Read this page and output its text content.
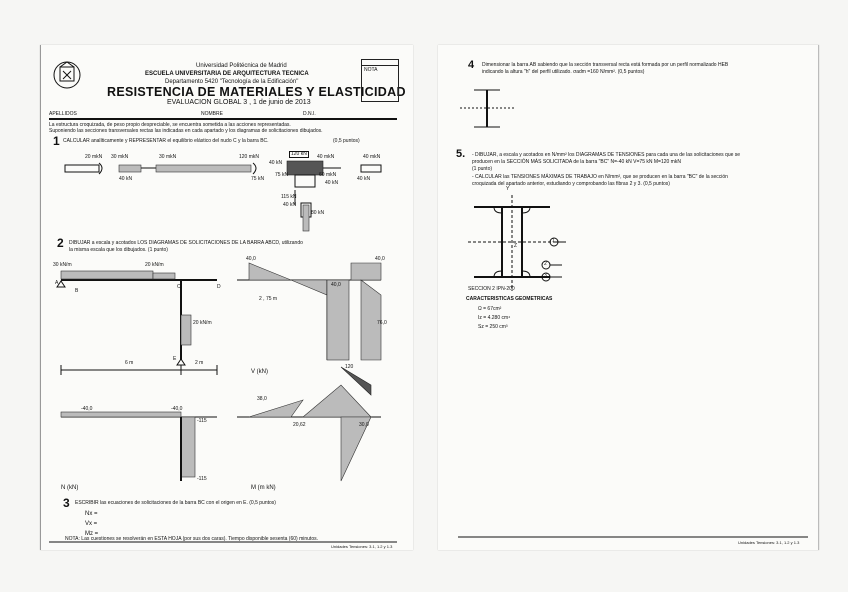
Universidad Politécnica de Madrid
ESCUELA UNIVERSITARIA DE ARQUITECTURA TECNICA
Departamento 5420 "Tecnología de la Edificación"
RESISTENCIA DE MATERIALES Y ELASTICIDAD
EVALUACION GLOBAL 3 , 1 de junio de 2013
NOTA
APELLIDOS	NOMBRE	D.N.I.
La estructura croquizada, de peso propio despreciable, se encuentra sometida a las acciones representadas.
Suponiendo las secciones transversales rectas las indicadas en cada apartado y los diagramas de solicitaciones dibujados.
1 CALCULAR analíticamente y REPRESENTAR el equilibrio elástico del nudo C y la barra BC.	(0,5 puntos)
20 mkN 30 mkN	30 mkN	120 mkN	120 kN	40 mkN	40 mkN
40 kN	75 kN
75 kN	60 mkN
40 kN
40 kN
40 kN
115 kN
40 kN
80 kN
2 DIBUJAR a escala y acotados LOS DIAGRAMAS DE SOLICITACIONES DE LA BARRA ABCD, utilizando
la misma escala que los dibujados. (1 punto)
30 kN/m	20 kN/m
20 kN/m
A
B
C	D
E
6 m	2 m
40,0	40,0
40,0
76,0
2 , 75 m
V (kN)
120
-40,0	-40,0
-115
-115
N (kN)
38,0
20,62	30,0
M (m kN)
3 ESCRIBIR las ecuaciones de solicitaciones de la barra BC con el origen en E. (0,5 puntos)
Nx =
Vx =
Mz =
NOTA: Las cuestiones se resolverán en ESTA HOJA (por sus dos caras). Tiempo disponible sesenta (60) minutos.
Unidades Tensiones: 3.1, 1.2 y 1.3
4 Dimensionar la barra AB sabiendo que la sección transversal recta está formada por un perfil normalizado HEB
indicando la altura "h" del perfil utilizado. σadm =160 N/mm². (0,5 puntos)
5. - DIBUJAR, a escala y acotados en N/mm² los DIAGRAMAS DE TENSIONES para cada una de las solicitaciones que se
producen en la SECCIÓN MÁS SOLICITADA de la barra "BC" N=-40 kN V=75 kN M=120 mkN
(1 punto)
- CALCULAR las TENSIONES MÁXIMAS DE TRABAJO en N/mm², que se producen en la barra "BC" de la sección
croquizada del apartado anterior, estudiando y comprobando las fibras 2 y 3. (0,5 puntos)
Y
Z
1
2
3
SECCION 2 IPN-200
CARACTERISTICAS GEOMETRICAS
Ω = 67cm²
Iz = 4.280 cm⁴
Sz = 250 cm³
Unidades Tensiones: 3.1, 1.2 y 1.3
